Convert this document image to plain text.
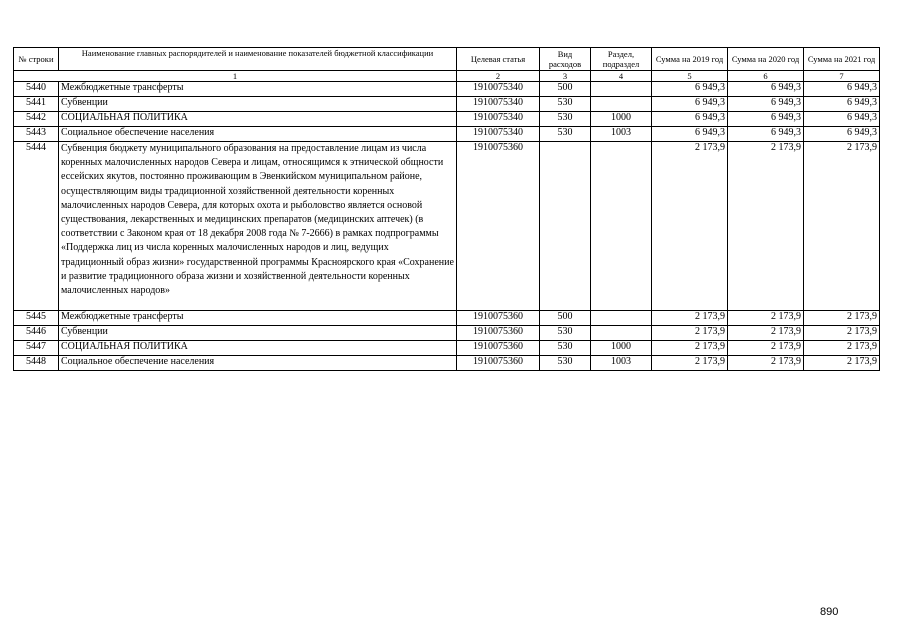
№ строки	Наименование главных распорядителей и наименование показателей бюджетной классификации	Целевая статья	Вид расходов	Раздел, подраздел	Сумма на 2019 год	Сумма на 2020 год	Сумма на 2021 год
1		2	3	4	5	6	7
5440	Межбюджетные трансферты	1910075340	500		6 949,3	6 949,3	6 949,3
5441	Субвенции	1910075340	530		6 949,3	6 949,3	6 949,3
5442	СОЦИАЛЬНАЯ ПОЛИТИКА	1910075340	530	1000	6 949,3	6 949,3	6 949,3
5443	Социальное обеспечение населения	1910075340	530	1003	6 949,3	6 949,3	6 949,3
5444	Субвенция бюджету муниципального образования на предоставление лицам из числа коренных малочисленных народов Севера и лицам, относящимся к этнической общности ессейских якутов, постоянно проживающим в Эвенкийском муниципальном районе, осуществляющим виды традиционной хозяйственной деятельности коренных малочисленных народов Севера, для которых охота и рыболовство является основой существования, лекарственных и медицинских препаратов (медицинских аптечек) (в соответствии с Законом края от 18 декабря 2008 года № 7-2666) в рамках подпрограммы «Поддержка лиц из числа коренных малочисленных народов и лиц, ведущих традиционный образ жизни» государственной программы Красноярского края «Сохранение и развитие традиционного образа жизни и хозяйственной деятельности коренных малочисленных народов»	1910075360			2 173,9	2 173,9	2 173,9
5445	Межбюджетные трансферты	1910075360	500		2 173,9	2 173,9	2 173,9
5446	Субвенции	1910075360	530		2 173,9	2 173,9	2 173,9
5447	СОЦИАЛЬНАЯ ПОЛИТИКА	1910075360	530	1000	2 173,9	2 173,9	2 173,9
5448	Социальное обеспечение населения	1910075360	530	1003	2 173,9	2 173,9	2 173,9
890
